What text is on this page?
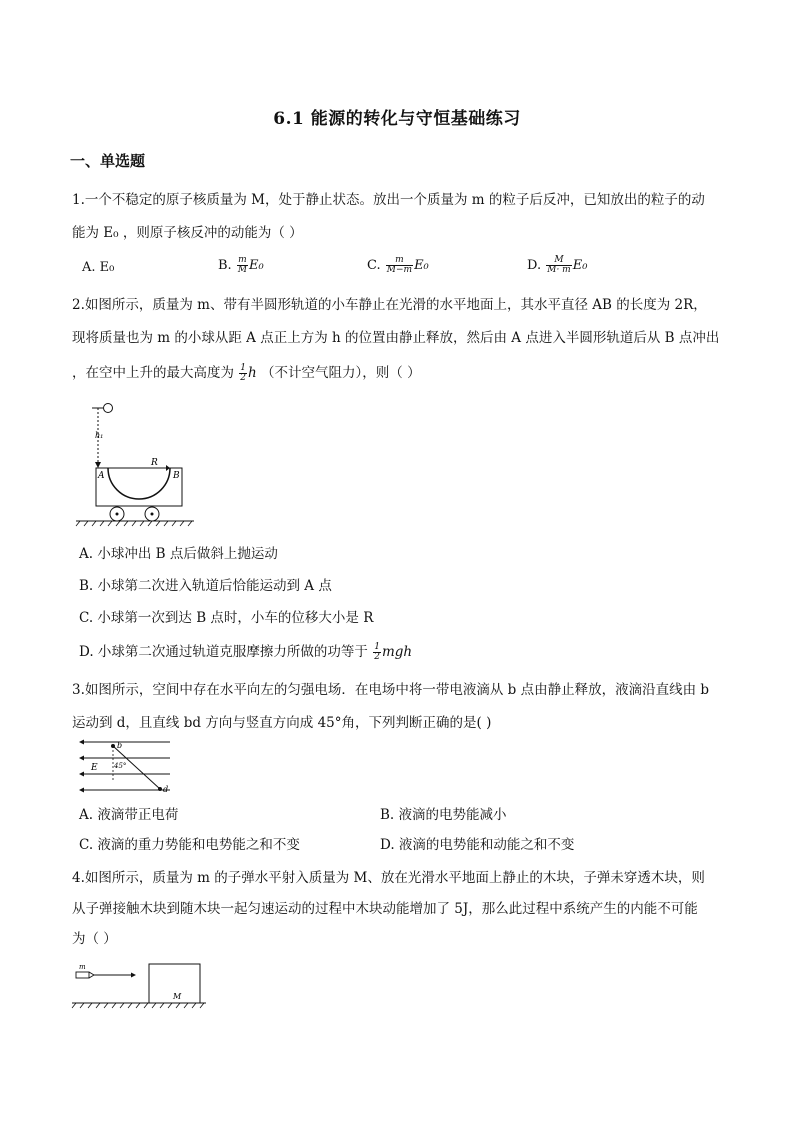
6.1 能源的转化与守恒基础练习
一、单选题
1.一个不稳定的原子核质量为 M，处于静止状态。放出一个质量为 m 的粒子后反冲，已知放出的粒子的动
能为 E₀ ，则原子核反冲的动能为（ ）
A. E₀	B. $\frac{m}{M} E_0$	C. $\frac{m}{M-m} E_0$	D. $\frac{M}{M\cdot m} E_0$
2.如图所示，质量为 m、带有半圆形轨道的小车静止在光滑的水平地面上，其水平直径 AB 的长度为 2R，
现将质量也为 m 的小球从距 A 点正上方为 h 的位置由静止释放，然后由 A 点进入半圆形轨道后从 B 点冲出
，在空中上升的最大高度为 $\frac{1}{2}$ h （不计空气阻力），则（ ）
h₁
A	B
R
A. 小球冲出 B 点后做斜上抛运动
B. 小球第二次进入轨道后恰能运动到 A 点
C. 小球第一次到达 B 点时，小车的位移大小是 R
D. 小球第二次通过轨道克服摩擦力所做的功等于 $\frac{1}{2}$ mgh
3.如图所示，空间中存在水平向左的匀强电场．在电场中将一带电液滴从 b 点由静止释放，液滴沿直线由 b
运动到 d，且直线 bd 方向与竖直方向成 45°角，下列判断正确的是( )
b
d
E 45°
A. 液滴带正电荷	B. 液滴的电势能减小
C. 液滴的重力势能和电势能之和不变	D. 液滴的电势能和动能之和不变
4.如图所示，质量为 m 的子弹水平射入质量为 M、放在光滑水平地面上静止的木块，子弹未穿透木块，则
从子弹接触木块到随木块一起匀速运动的过程中木块动能增加了 5J，那么此过程中系统产生的内能不可能
为（ ）
m
M
